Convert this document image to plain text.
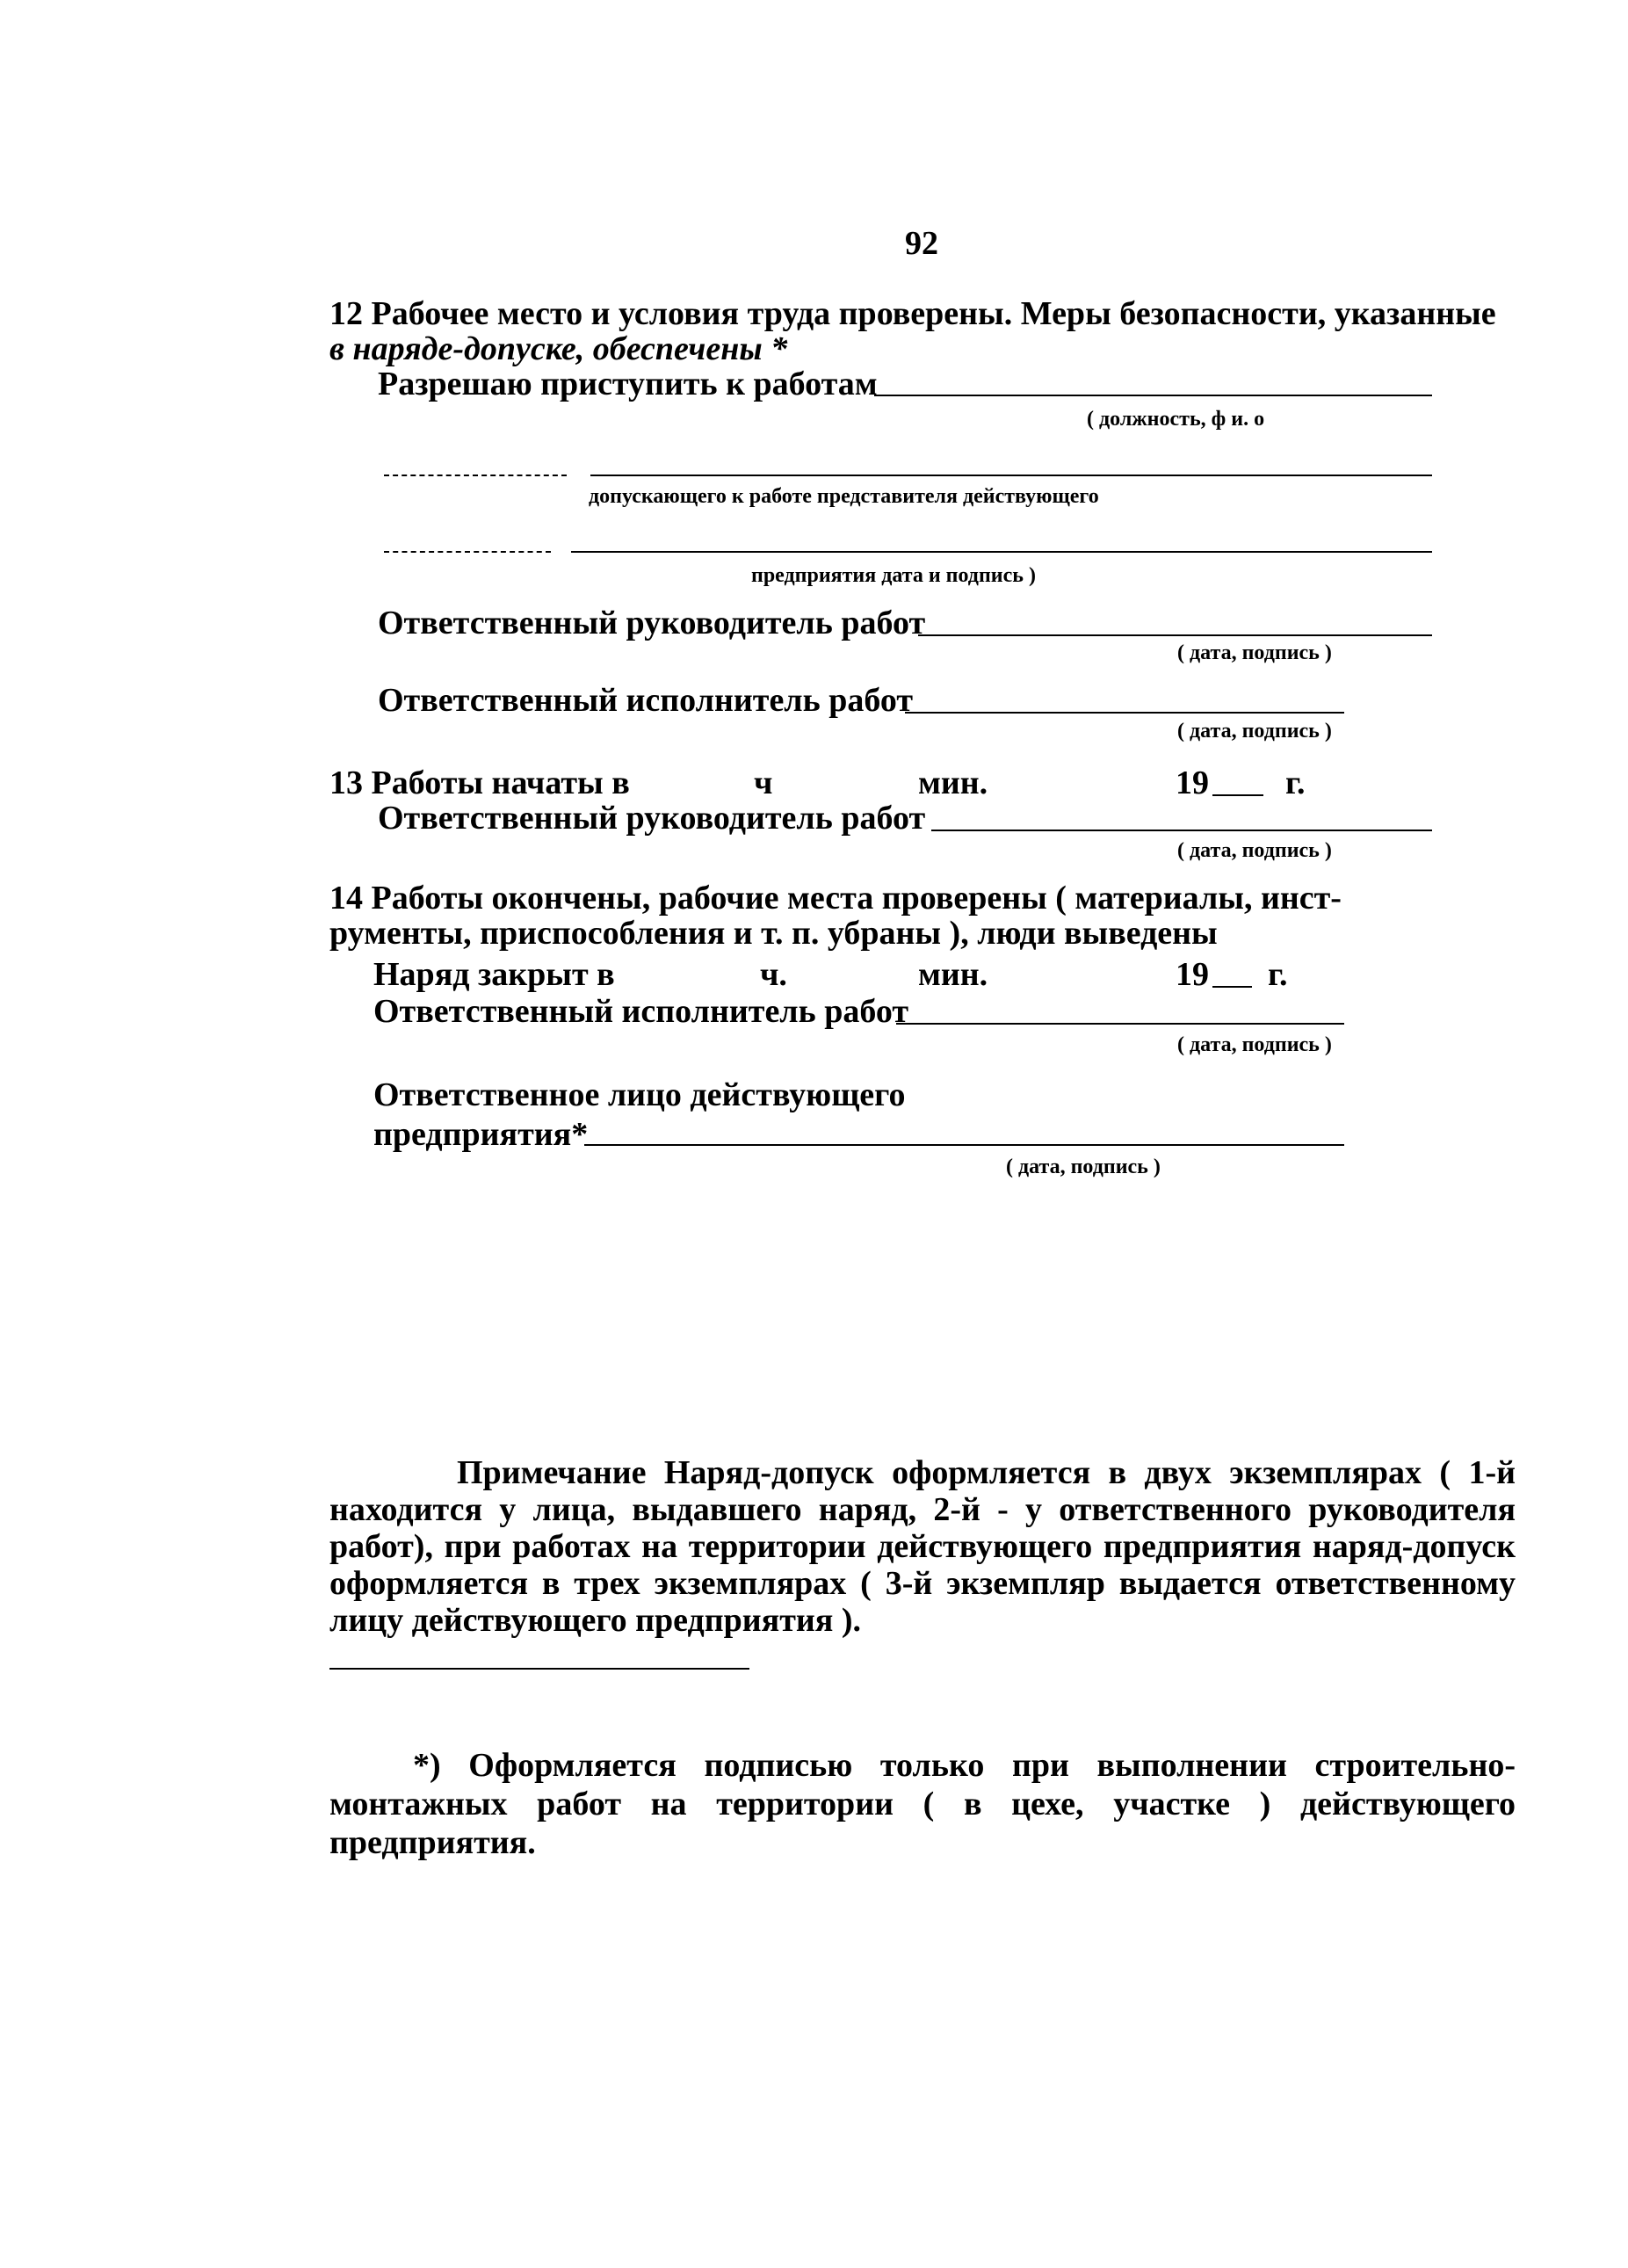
92
12 Рабочее место и условия труда проверены. Меры безопасности, указанные
в наряде-допуске, обеспечены *
Разрешаю приступить к работам
( должность, ф и. о
допускающего к работе представителя действующего
предприятия дата и подпись )
Ответственный руководитель работ
( дата, подпись )
Ответственный исполнитель работ
( дата, подпись )
13 Работы начаты в	ч	мин.	19 г.
Ответственный руководитель работ
( дата, подпись )
14 Работы окончены, рабочие места проверены ( материалы, инст-
рументы, приспособления и т. п. убраны ), люди выведены
Наряд закрыт в	ч.	мин.	19 г.
Ответственный исполнитель работ
( дата, подпись )
Ответственное лицо действующего
предприятия*
( дата, подпись )
Примечание Наряд-допуск оформляется в двух экземплярах ( 1-й находится у лица, выдавшего наряд, 2-й - у ответственного руководителя работ), при работах на территории действующего предприятия наряд-допуск оформляется в трех экземплярах ( 3-й экземпляр выдается ответственному лицу действующего предприятия ).
*) Оформляется подписью только при выполнении строительно-монтажных работ на территории ( в цехе, участке ) действующего предприятия.
